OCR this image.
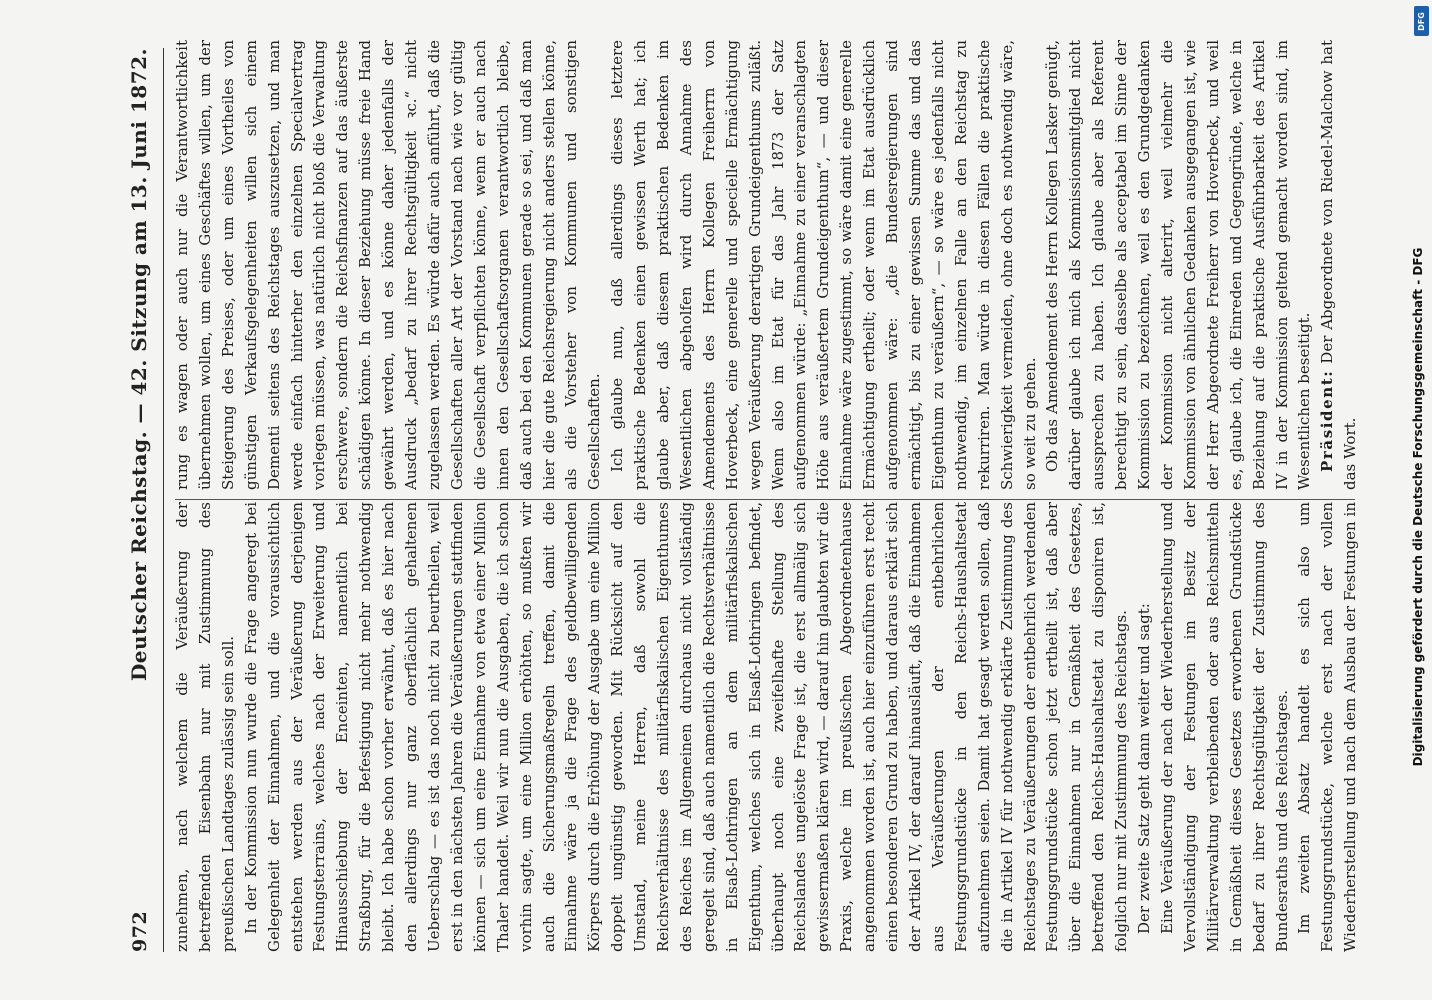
972
Deutscher Reichstag. — 42. Sitzung am 13. Juni 1872.

zunehmen, nach welchem die Veräußerung der betreffenden Eisenbahn nur mit Zustimmung des preußischen Landtages zulässig sein soll. In der Kommission nun wurde die Frage angeregt bei Gelegenheit der Einnahmen, und die voraussichtlich entstehen werden aus der Veräußerung derjenigen Festungsterrains, welches nach der Erweiterung und Hinausschiebung der Enceinten, namentlich bei Straßburg, für die Befestigung nicht mehr nothwendig bleibt. Ich habe schon vorher erwähnt, daß es hier nach den allerdings nur ganz oberflächlich gehaltenen Ueberschlag — es ist das noch nicht zu beurtheilen, weil erst in den nächsten Jahren die Veräußerungen stattfinden können — sich um eine Einnahme von etwa einer Million Thaler handelt. Weil wir nun die Ausgaben, die ich schon vorhin sagte, um eine Million erhöhten, so mußten wir auch die Sicherungsmaßregeln treffen, damit die Einnahme wäre ja die Frage des geldbewilligenden Körpers durch die Erhöhung der Ausgabe um eine Million doppelt ungünstig geworden. Mit Rücksicht auf den Umstand, meine Herren, daß sowohl die Reichsverhältnisse des militärfiskalischen Eigenthumes des Reiches im Allgemeinen durchaus nicht vollständig geregelt sind, daß auch namentlich die Rechtsverhältnisse in Elsaß-Lothringen an dem militärfiskalischen Eigenthum, welches sich in Elsaß-Lothringen befindet, überhaupt noch eine zweifelhafte Stellung des Reichslandes ungelöste Frage ist, die erst allmälig sich gewissermaßen klären wird, — darauf hin glaubten wir die Praxis, welche im preußischen Abgeordnetenhause angenommen worden ist, auch hier einzuführen erst recht einen besonderen Grund zu haben, und daraus erklärt sich der Artikel IV, der darauf hinausläuft, daß die Einnahmen aus Veräußerungen der entbehrlichen Festungsgrundstücke in den Reichs-Haushaltsetat aufzunehmen seien. Damit hat gesagt werden sollen, daß die in Artikel IV für nothwendig erklärte Zustimmung des Reichstages zu Veräußerungen der entbehrlich werdenden Festungsgrundstücke schon jetzt ertheilt ist, daß aber über die Einnahmen nur in Gemäßheit des Gesetzes, betreffend den Reichs-Haushaltsetat zu disponiren ist, folglich nur mit Zustimmung des Reichstags. Der zweite Satz geht dann weiter und sagt: Eine Veräußerung der nach der Wiederherstellung und Vervollständigung der Festungen im Besitz der Militärverwaltung verbleibenden oder aus Reichsmitteln in Gemäßheit dieses Gesetzes erworbenen Grundstücke bedarf zu ihrer Rechtsgültigkeit der Zustimmung des Bundesraths und des Reichstages. Im zweiten Absatz handelt es sich also um Festungsgrundstücke, welche erst nach der vollen Wiederherstellung und nach dem Ausbau der Festungen in

rung es wagen oder auch nur die Verantwortlichkeit übernehmen wollen, um eines Geschäftes willen, um der Steigerung des Preises, oder um eines Vortheiles von günstigen Verkaufsgelegenheiten willen sich einem Dementi seitens des Reichstages auszusetzen, und man werde einfach hinterher den einzelnen Specialvertrag vorlegen müssen, was natürlich nicht bloß die Verwaltung erschwere, sondern die Reichsfinanzen auf das äußerste schädigen könne. In dieser Beziehung müsse freie Hand gewährt werden, und es könne daher jedenfalls der Ausdruck „bedarf zu ihrer Rechtsgültigkeit ꝛc.“ nicht zugelassen werden. Es würde dafür auch anführt, daß die Gesellschaften aller Art der Vorstand nach wie vor gültig die Gesellschaft verpflichten könne, wenn er auch nach innen den Gesellschaftsorganen verantwortlich bleibe, daß auch bei den Kommunen gerade so sei, und daß man hier die gute Reichsregierung nicht anders stellen könne, als die Vorsteher von Kommunen und sonstigen Gesellschaften. Ich glaube nun, daß allerdings dieses letztere praktische Bedenken einen gewissen Werth hat; ich glaube aber, daß diesem praktischen Bedenken im Wesentlichen abgeholfen wird durch Annahme des Amendements des Herrn Kollegen Freiherrn von Hoverbeck, eine generelle und specielle Ermächtigung wegen Veräußerung derartigen Grundeigenthums zuläßt. Wenn also im Etat für das Jahr 1873 der Satz aufgenommen würde: „Einnahme zu einer veranschlagten Höhe aus veräußertem Grundeigenthum“, — und dieser Einnahme wäre zugestimmt, so wäre damit eine generelle Ermächtigung ertheilt; oder wenn im Etat ausdrücklich aufgenommen wäre: „die Bundesregierungen sind ermächtigt, bis zu einer gewissen Summe das und das Eigenthum zu veräußern“, — so wäre es jedenfalls nicht nothwendig, im einzelnen Falle an den Reichstag zu rekurriren. Man würde in diesen Fällen die praktische Schwierigkeit vermeiden, ohne doch es nothwendig wäre, so weit zu gehen. Ob das Amendement des Herrn Kollegen Lasker genügt, darüber glaube ich mich als Kommissionsmitglied nicht aussprechen zu haben. Ich glaube aber als Referent berechtigt zu sein, dasselbe als acceptabel im Sinne der Kommission zu bezeichnen, weil es den Grundgedanken der Kommission nicht alterirt, weil vielmehr die Kommission von ähnlichen Gedanken ausgegangen ist, wie der Herr Abgeordnete Freiherr von Hoverbeck, und weil es, glaube ich, die Einreden und Gegengründe, welche in Beziehung auf die praktische Ausführbarkeit des Artikel IV in der Kommission geltend gemacht worden sind, im Wesentlichen beseitigt. Präsident: Der Abgeordnete von Riedel-Malchow hat das Wort.	Digitalisierung gefördert durch die Deutsche Forschungsgemeinschaft - DFG
DFG
